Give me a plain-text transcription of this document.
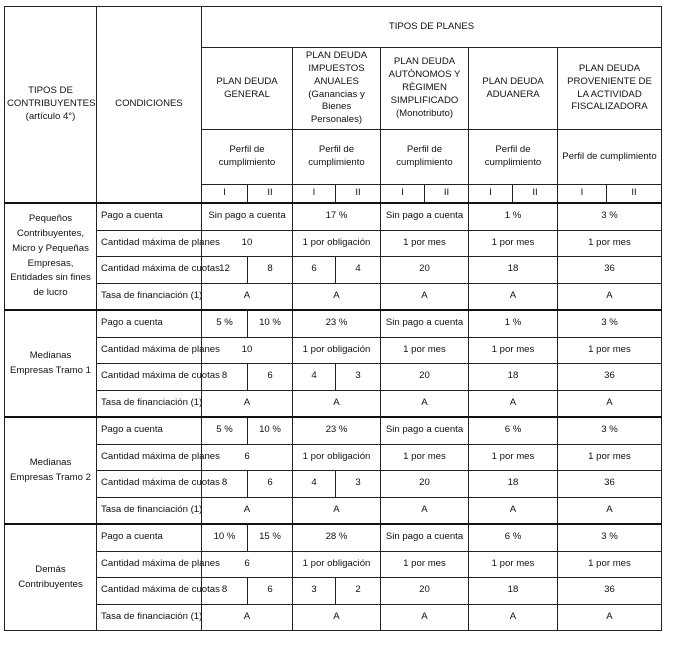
TIPOS DE CONTRIBUYENTES (artículo 4°)	CONDICIONES	TIPOS DE PLANES									
		PLAN DEUDA GENERAL		PLAN DEUDA IMPUESTOS ANUALES (Ganancias y Bienes Personales)		PLAN DEUDA AUTÓNOMOS Y RÉGIMEN SIMPLIFICADO (Monotributo)		PLAN DEUDA ADUANERA		PLAN DEUDA PROVENIENTE DE LA ACTIVIDAD FISCALIZADORA	
		Perfil de cumplimiento		Perfil de cumplimiento		Perfil de cumplimiento		Perfil de cumplimiento		Perfil de cumplimiento	
		I	II	I	II	I	II	I	II	I	II
Pequeños Contribuyentes, Micro y Pequeñas Empresas, Entidades sin fines de lucro	Pago a cuenta	Sin pago a cuenta		17 %		Sin pago a cuenta		1 %		3 %	
	Cantidad máxima de planes	10		1 por obligación		1 por mes		1 por mes		1 por mes	
	Cantidad máxima de cuotas	12	8	6	4	20		18		36	
	Tasa de financiación (1)	A		A		A		A		A	
Medianas Empresas Tramo 1	Pago a cuenta	5 %	10 %	23 %		Sin pago a cuenta		1 %		3 %	
	Cantidad máxima de planes	10		1 por obligación		1 por mes		1 por mes		1 por mes	
	Cantidad máxima de cuotas	8	6	4	3	20		18		36	
	Tasa de financiación (1)	A		A		A		A		A	
Medianas Empresas Tramo 2	Pago a cuenta	5 %	10 %	23 %		Sin pago a cuenta		6 %		3 %	
	Cantidad máxima de planes	6		1 por obligación		1 por mes		1 por mes		1 por mes	
	Cantidad máxima de cuotas	8	6	4	3	20		18		36	
	Tasa de financiación (1)	A		A		A		A		A	
Demás Contribuyentes	Pago a cuenta	10 %	15 %	28 %		Sin pago a cuenta		6 %		3 %	
	Cantidad máxima de planes	6		1 por obligación		1 por mes		1 por mes		1 por mes	
	Cantidad máxima de cuotas	8	6	3	2	20		18		36	
	Tasa de financiación (1)	A		A		A		A		A	
